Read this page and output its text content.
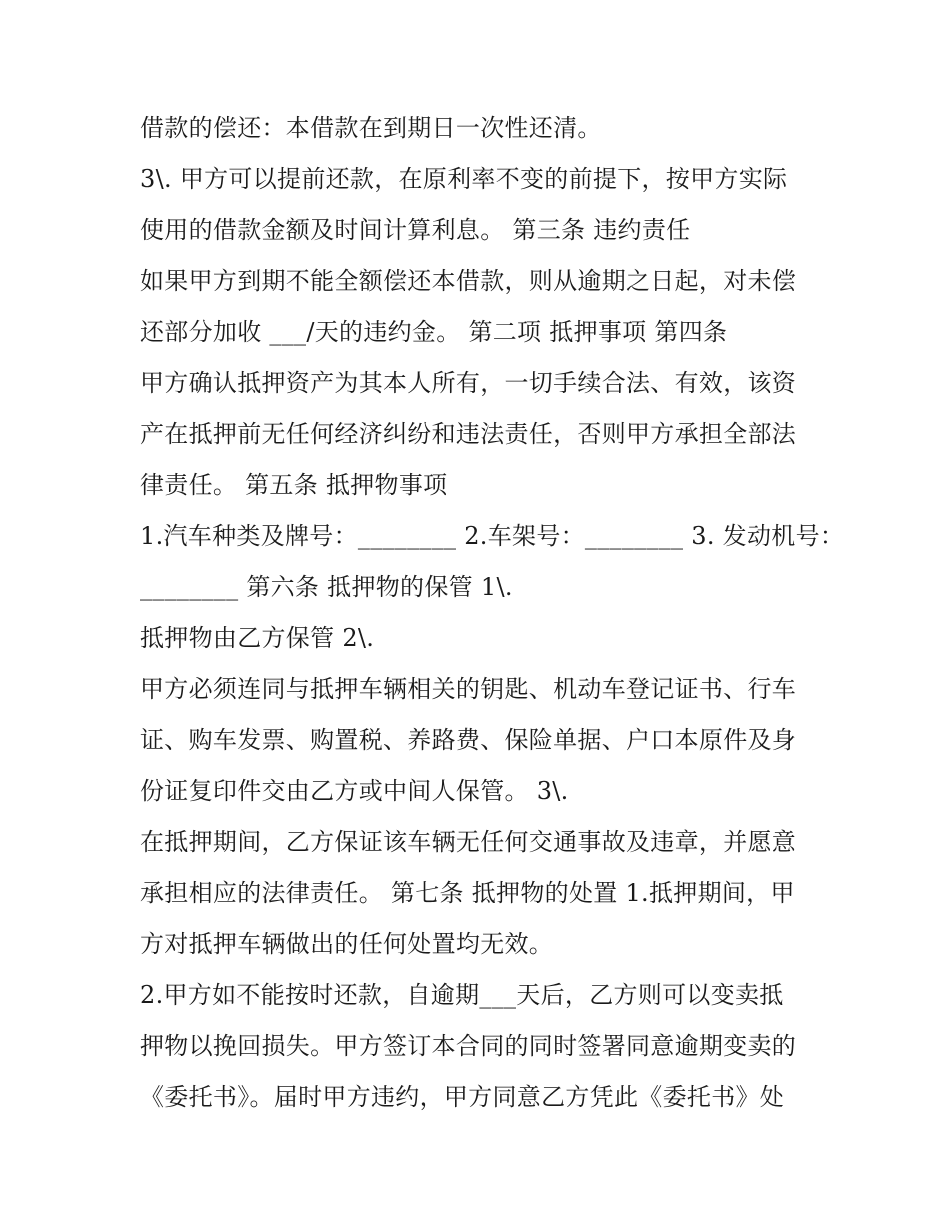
借款的偿还：本借款在到期日一次性还清。
3\. 甲方可以提前还款，在原利率不变的前提下，按甲方实际
使用的借款金额及时间计算利息。 第三条 违约责任
如果甲方到期不能全额偿还本借款，则从逾期之日起，对未偿
还部分加收 ___/天的违约金。 第二项 抵押事项 第四条
甲方确认抵押资产为其本人所有，一切手续合法、有效，该资
产在抵押前无任何经济纠纷和违法责任，否则甲方承担全部法
律责任。 第五条 抵押物事项
1.汽车种类及牌号：________ 2.车架号：________ 3. 发动机号：
________ 第六条 抵押物的保管 1\.
抵押物由乙方保管 2\.
甲方必须连同与抵押车辆相关的钥匙、机动车登记证书、行车
证、购车发票、购置税、养路费、保险单据、户口本原件及身
份证复印件交由乙方或中间人保管。 3\.
在抵押期间，乙方保证该车辆无任何交通事故及违章，并愿意
承担相应的法律责任。 第七条 抵押物的处置 1.抵押期间，甲
方对抵押车辆做出的任何处置均无效。
2.甲方如不能按时还款，自逾期___天后，乙方则可以变卖抵
押物以挽回损失。甲方签订本合同的同时签署同意逾期变卖的
《委托书》。届时甲方违约，甲方同意乙方凭此《委托书》处
